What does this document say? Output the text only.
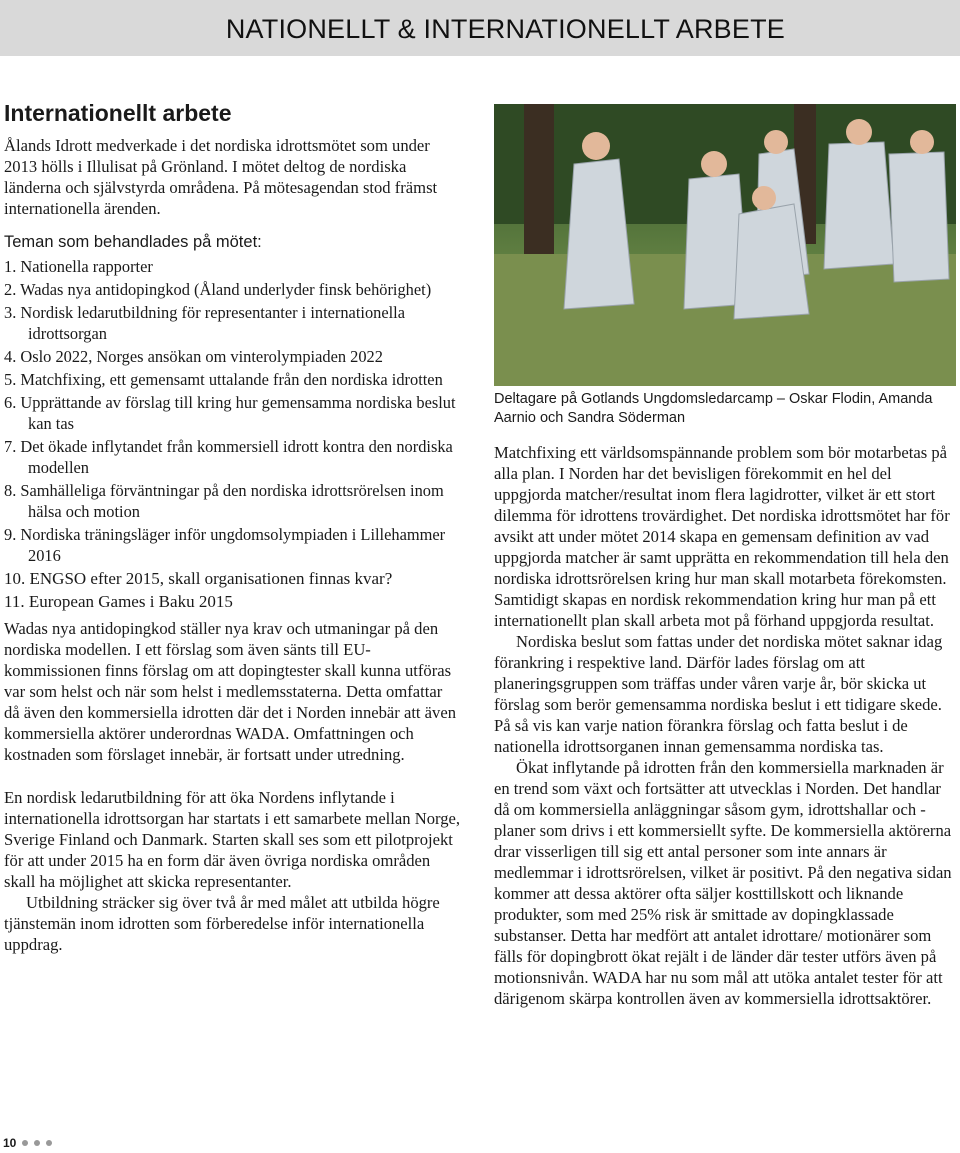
NATIONELLT & INTERNATIONELLT ARBETE
Internationellt arbete

Ålands Idrott medverkade i det nordiska idrottsmötet som under 2013 hölls i Illulisat på Grönland. I mötet deltog de nordiska länderna och självstyrda områdena. På mötesagendan stod främst internationella ärenden.

Teman som behandlades på mötet:
1. Nationella rapporter
2. Wadas nya antidopingkod (Åland underlyder finsk behörighet)
3. Nordisk ledarutbildning för representanter i internationella idrottsorgan
4. Oslo 2022, Norges ansökan om vinterolympiaden 2022
5. Matchfixing, ett gemensamt uttalande från den nordiska idrotten
6. Upprättande av förslag till kring hur gemensamma nordiska beslut kan tas
7. Det ökade inflytandet från kommersiell idrott kontra den nordiska modellen
8. Samhälleliga förväntningar på den nordiska idrottsrörelsen inom hälsa och motion
9. Nordiska träningsläger inför ungdomsolympiaden i Lillehammer 2016
10. ENGSO efter 2015, skall organisationen finnas kvar?
11. European Games i Baku 2015

Wadas nya antidopingkod ställer nya krav och utmaningar på den nordiska modellen. I ett förslag som även sänts till EU-kommissionen finns förslag om att dopingtester skall kunna utföras var som helst och när som helst i medlemsstaterna. Detta omfattar då även den kommersiella idrotten där det i Norden innebär att även kommersiella aktörer underordnas WADA. Omfattningen och kostnaden som förslaget innebär, är fortsatt under utredning.

En nordisk ledarutbildning för att öka Nordens inflytande i internationella idrottsorgan har startats i ett samarbete mellan Norge, Sverige Finland och Danmark. Starten skall ses som ett pilotprojekt för att under 2015 ha en form där även övriga nordiska områden skall ha möjlighet att skicka representanter.

Utbildning sträcker sig över två år med målet att utbilda högre tjänstemän inom idrotten som förberedelse inför internationella uppdrag.

Deltagare på Gotlands Ungdomsledarcamp – Oskar Flodin, Amanda Aarnio och Sandra Söderman

Matchfixing ett världsomspännande problem som bör motarbetas på alla plan. I Norden har det bevisligen förekommit en hel del uppgjorda matcher/resultat inom flera lagidrotter, vilket är ett stort dilemma för idrottens trovärdighet. Det nordiska idrottsmötet har för avsikt att under mötet 2014 skapa en gemensam definition av vad uppgjorda matcher är samt upprätta en rekommendation till hela den nordiska idrottsrörelsen kring hur man skall motarbeta förekomsten. Samtidigt skapas en nordisk rekommendation kring hur man på ett internationellt plan skall arbeta mot på förhand uppgjorda resultat.

Nordiska beslut som fattas under det nordiska mötet saknar idag förankring i respektive land. Därför lades förslag om att planeringsgruppen som träffas under våren varje år, bör skicka ut förslag som berör gemensamma nordiska beslut i ett tidigare skede. På så vis kan varje nation förankra förslag och fatta beslut i de nationella idrottsorganen innan gemensamma nordiska tas.

Ökat inflytande på idrotten från den kommersiella marknaden är en trend som växt och fortsätter att utvecklas i Norden. Det handlar då om kommersiella anläggningar såsom gym, idrottshallar och -planer som drivs i ett kommersiellt syfte. De kommersiella aktörerna drar visserligen till sig ett antal personer som inte annars är medlemmar i idrottsrörelsen, vilket är positivt. På den negativa sidan kommer att dessa aktörer ofta säljer kosttillskott och liknande produkter, som med 25% risk är smittade av dopingklassade substanser. Detta har medfört att antalet idrottare/ motionärer som fälls för dopingbrott ökat rejält i de länder där tester utförs även på motionsnivån. WADA har nu som mål att utöka antalet tester för att därigenom skärpa kontrollen även av kommersiella idrottsaktörer.

10
